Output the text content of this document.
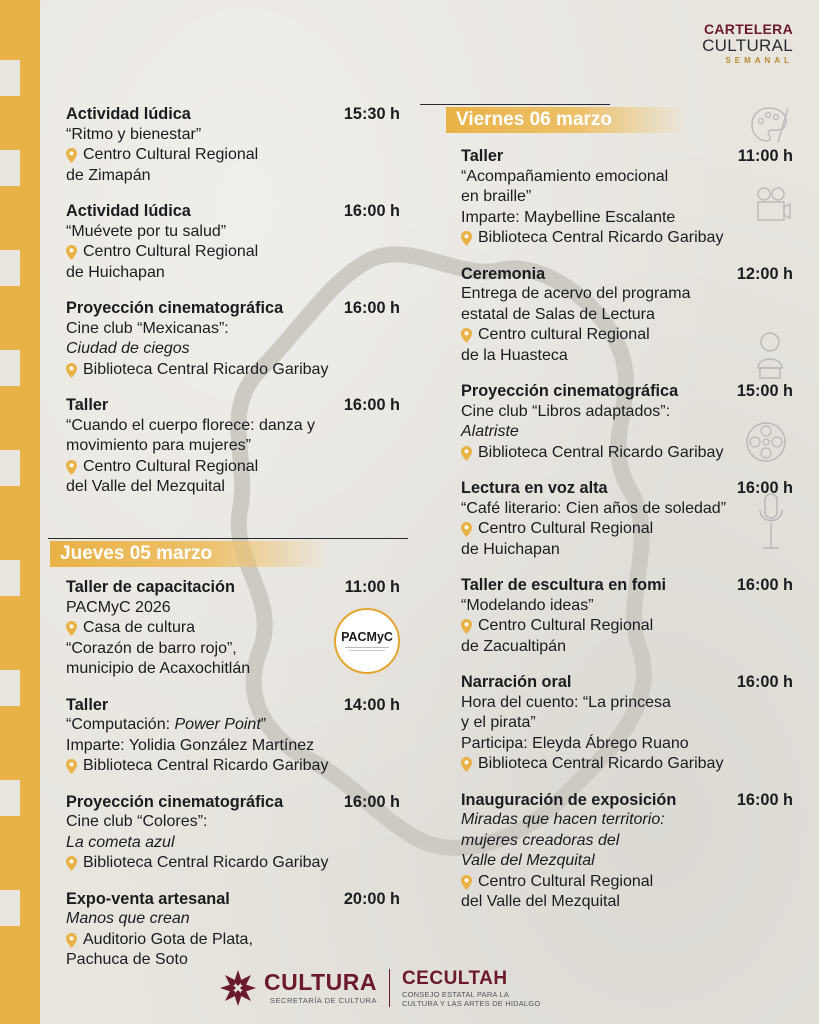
CARTELERA
CULTURAL
SEMANAL
Actividad lúdica	15:30 h
“Ritmo y bienestar”
Centro Cultural Regional
de Zimapán
Actividad lúdica	16:00 h
“Muévete por tu salud”
Centro Cultural Regional
de Huichapan
Proyección cinematográfica	16:00 h
Cine club “Mexicanas”:
Ciudad de ciegos
Biblioteca Central Ricardo Garibay
Taller	16:00 h
“Cuando el cuerpo florece: danza y
movimiento para mujeres”
Centro Cultural Regional
del Valle del Mezquital
Jueves 05 marzo
Taller de capacitación	11:00 h
PACMyC 2026
Casa de cultura
“Corazón de barro rojo”,
municipio de Acaxochitlán
Taller	14:00 h
“Computación: Power Point”
Imparte: Yolidia González Martínez
Biblioteca Central Ricardo Garibay
Proyección cinematográfica	16:00 h
Cine club “Colores”:
La cometa azul
Biblioteca Central Ricardo Garibay
Expo-venta artesanal	20:00 h
Manos que crean
Auditorio Gota de Plata,
Pachuca de Soto
PACMyC
Viernes 06 marzo
Taller	11:00 h
“Acompañamiento emocional
en braille”
Imparte: Maybelline Escalante
Biblioteca Central Ricardo Garibay
Ceremonia	12:00 h
Entrega de acervo del programa
estatal de Salas de Lectura
Centro cultural Regional
de la Huasteca
Proyección cinematográfica	15:00 h
Cine club “Libros adaptados”:
Alatriste
Biblioteca Central Ricardo Garibay
Lectura en voz alta	16:00 h
“Café literario: Cien años de soledad”
Centro Cultural Regional
de Huichapan
Taller de escultura en fomi	16:00 h
“Modelando ideas”
Centro Cultural Regional
de Zacualtipán
Narración oral	16:00 h
Hora del cuento: “La princesa
y el pirata”
Participa: Eleyda Ábrego Ruano
Biblioteca Central Ricardo Garibay
Inauguración de exposición	16:00 h
Miradas que hacen territorio:
mujeres creadoras del
Valle del Mezquital
Centro Cultural Regional
del Valle del Mezquital
CULTURA
SECRETARÍA DE CULTURA
CECULTAH
CONSEJO ESTATAL PARA LA
CULTURA Y LAS ARTES DE HIDALGO
